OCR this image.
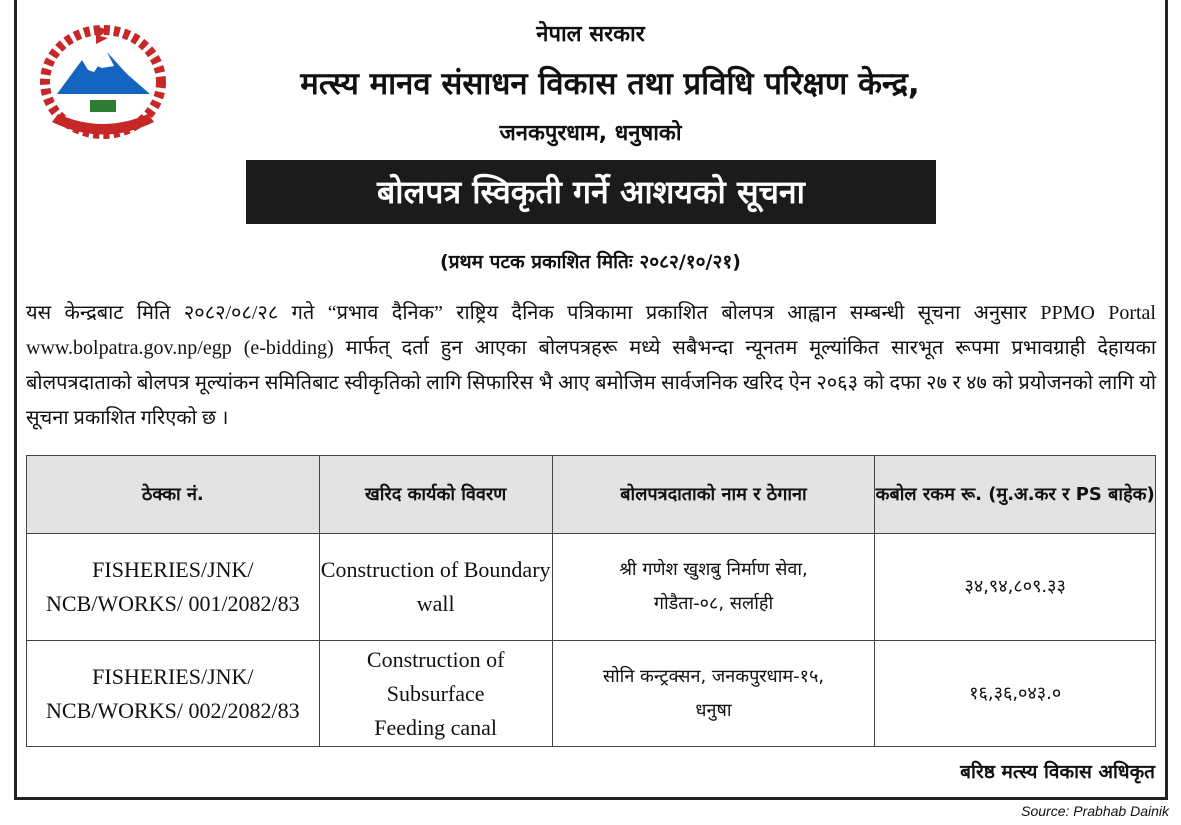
नेपाल सरकार
मत्स्य मानव संसाधन विकास तथा प्रविधि परिक्षण केन्द्र,
जनकपुरधाम, धनुषाको
बोलपत्र स्विकृती गर्ने आशयको सूचना
(प्रथम पटक प्रकाशित मितिः २०८२/१०/२१)

यस केन्द्रबाट मिति २०८२/०८/२८ गते “प्रभाव दैनिक” राष्ट्रिय दैनिक पत्रिकामा प्रकाशित बोलपत्र आह्वान सम्बन्धी सूचना अनुसार PPMO Portal www.bolpatra.gov.np/egp (e-bidding) मार्फत् दर्ता हुन आएका बोलपत्रहरू मध्ये सबैभन्दा न्यूनतम मूल्यांकित सारभूत रूपमा प्रभावग्राही देहायका बोलपत्रदाताको बोलपत्र मूल्यांकन समितिबाट स्वीकृतिको लागि सिफारिस भै आए बमोजिम सार्वजनिक खरिद ऐन २०६३ को दफा २७ र ४७ को प्रयोजनको लागि यो सूचना प्रकाशित गरिएको छ ।

ठेक्का नं.	खरिद कार्यको विवरण	बोलपत्रदाताको नाम र ठेगाना	कबोल रकम रू. (मु.अ.कर र PS बाहेक)
FISHERIES/JNK/ NCB/WORKS/ 001/2082/83	Construction of Boundary wall	श्री गणेश खुशबु निर्माण सेवा, गोडैता-०८, सर्लाही	३४,९४,८०९.३३
FISHERIES/JNK/ NCB/WORKS/ 002/2082/83	Construction of Subsurface Feeding canal	सोनि कन्ट्रक्सन, जनकपुरधाम-१५, धनुषा	१६,३६,०४३.०
बरिष्ठ मत्स्य विकास अधिकृत
Source: Prabhab Dainik
